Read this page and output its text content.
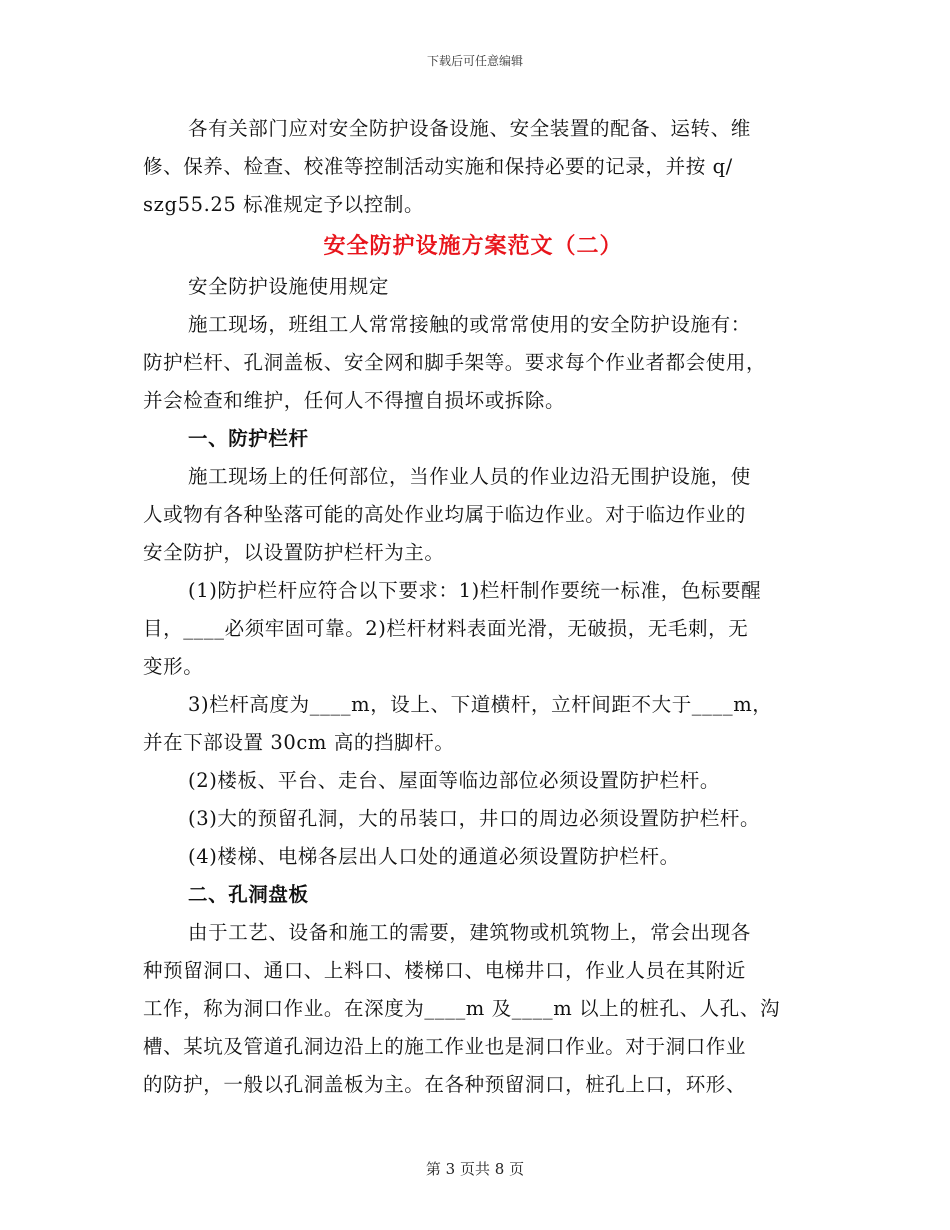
下载后可任意编辑
各有关部门应对安全防护设备设施、安全装置的配备、运转、维
修、保养、检查、校准等控制活动实施和保持必要的记录，并按 q/
szg55.25 标准规定予以控制。
安全防护设施方案范文（二）
安全防护设施使用规定
施工现场，班组工人常常接触的或常常使用的安全防护设施有：
防护栏杆、孔洞盖板、安全网和脚手架等。要求每个作业者都会使用，
并会检查和维护，任何人不得擅自损坏或拆除。
一、防护栏杆
施工现场上的任何部位，当作业人员的作业边沿无围护设施，使
人或物有各种坠落可能的高处作业均属于临边作业。对于临边作业的
安全防护，以设置防护栏杆为主。
(1)防护栏杆应符合以下要求：1)栏杆制作要统一标准，色标要醒
目，____必须牢固可靠。2)栏杆材料表面光滑，无破损，无毛刺，无
变形。
3)栏杆高度为____m，设上、下道横杆，立杆间距不大于____m，
并在下部设置 30cm 高的挡脚杆。
(2)楼板、平台、走台、屋面等临边部位必须设置防护栏杆。
(3)大的预留孔洞，大的吊装口，井口的周边必须设置防护栏杆。
(4)楼梯、电梯各层出人口处的通道必须设置防护栏杆。
二、孔洞盘板
由于工艺、设备和施工的需要，建筑物或机筑物上，常会出现各
种预留洞口、通口、上料口、楼梯口、电梯井口，作业人员在其附近
工作，称为洞口作业。在深度为____m 及____m 以上的桩孔、人孔、沟
槽、某坑及管道孔洞边沿上的施工作业也是洞口作业。对于洞口作业
的防护，一般以孔洞盖板为主。在各种预留洞口，桩孔上口，环形、
第 3 页共 8 页
